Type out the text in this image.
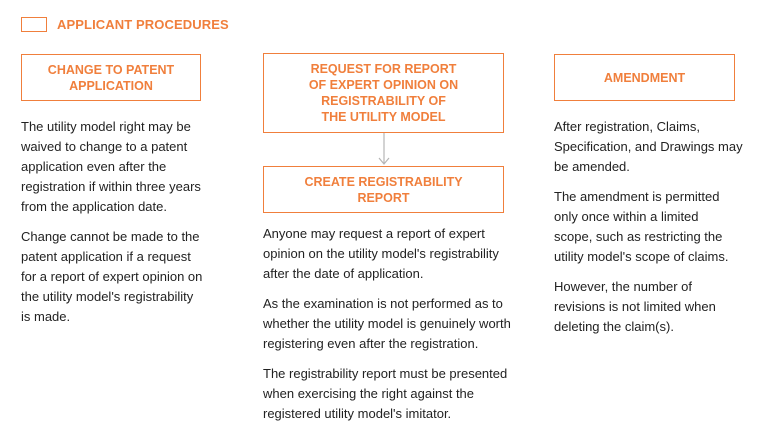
APPLICANT PROCEDURES
CHANGE TO PATENT
APPLICATION

The utility model right may be
waived to change to a patent
application even after the
registration if within three years
from the application date.

Change cannot be made to the
patent application if a request
for a report of expert opinion on
the utility model's registrability
is made.

REQUEST FOR REPORT
OF EXPERT OPINION ON
REGISTRABILITY OF
THE UTILITY MODEL
CREATE REGISTRABILITY
REPORT

Anyone may request a report of expert
opinion on the utility model's registrability
after the date of application.

As the examination is not performed as to
whether the utility model is genuinely worth
registering even after the registration.

The registrability report must be presented
when exercising the right against the
registered utility model's imitator.

AMENDMENT

After registration, Claims,
Specification, and Drawings may
be amended.

The amendment is permitted
only once within a limited
scope, such as restricting the
utility model's scope of claims.

However, the number of
revisions is not limited when
deleting the claim(s).
